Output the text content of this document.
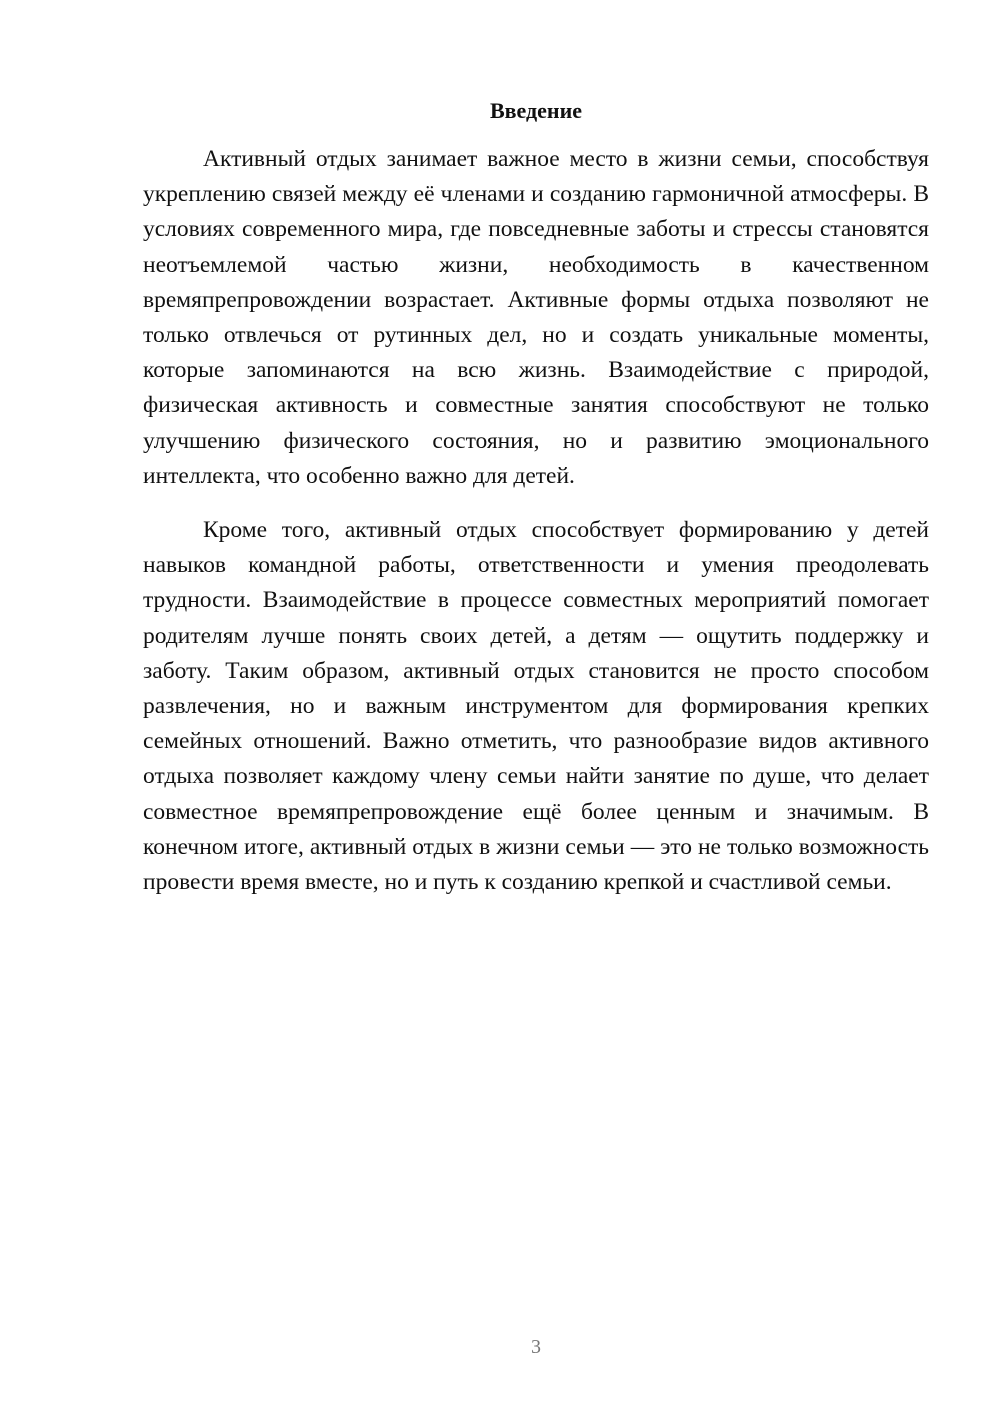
Введение

Активный отдых занимает важное место в жизни семьи, способствуя укреплению связей между её членами и созданию гармоничной атмосферы. В условиях современного мира, где повседневные заботы и стрессы становятся неотъемлемой частью жизни, необходимость в качественном времяпрепровождении возрастает. Активные формы отдыха позволяют не только отвлечься от рутинных дел, но и создать уникальные моменты, которые запоминаются на всю жизнь. Взаимодействие с природой, физическая активность и совместные занятия способствуют не только улучшению физического состояния, но и развитию эмоционального интеллекта, что особенно важно для детей.

Кроме того, активный отдых способствует формированию у детей навыков командной работы, ответственности и умения преодолевать трудности. Взаимодействие в процессе совместных мероприятий помогает родителям лучше понять своих детей, а детям — ощутить поддержку и заботу. Таким образом, активный отдых становится не просто способом развлечения, но и важным инструментом для формирования крепких семейных отношений. Важно отметить, что разнообразие видов активного отдыха позволяет каждому члену семьи найти занятие по душе, что делает совместное времяпрепровождение ещё более ценным и значимым. В конечном итоге, активный отдых в жизни семьи — это не только возможность провести время вместе, но и путь к созданию крепкой и счастливой семьи.

3
